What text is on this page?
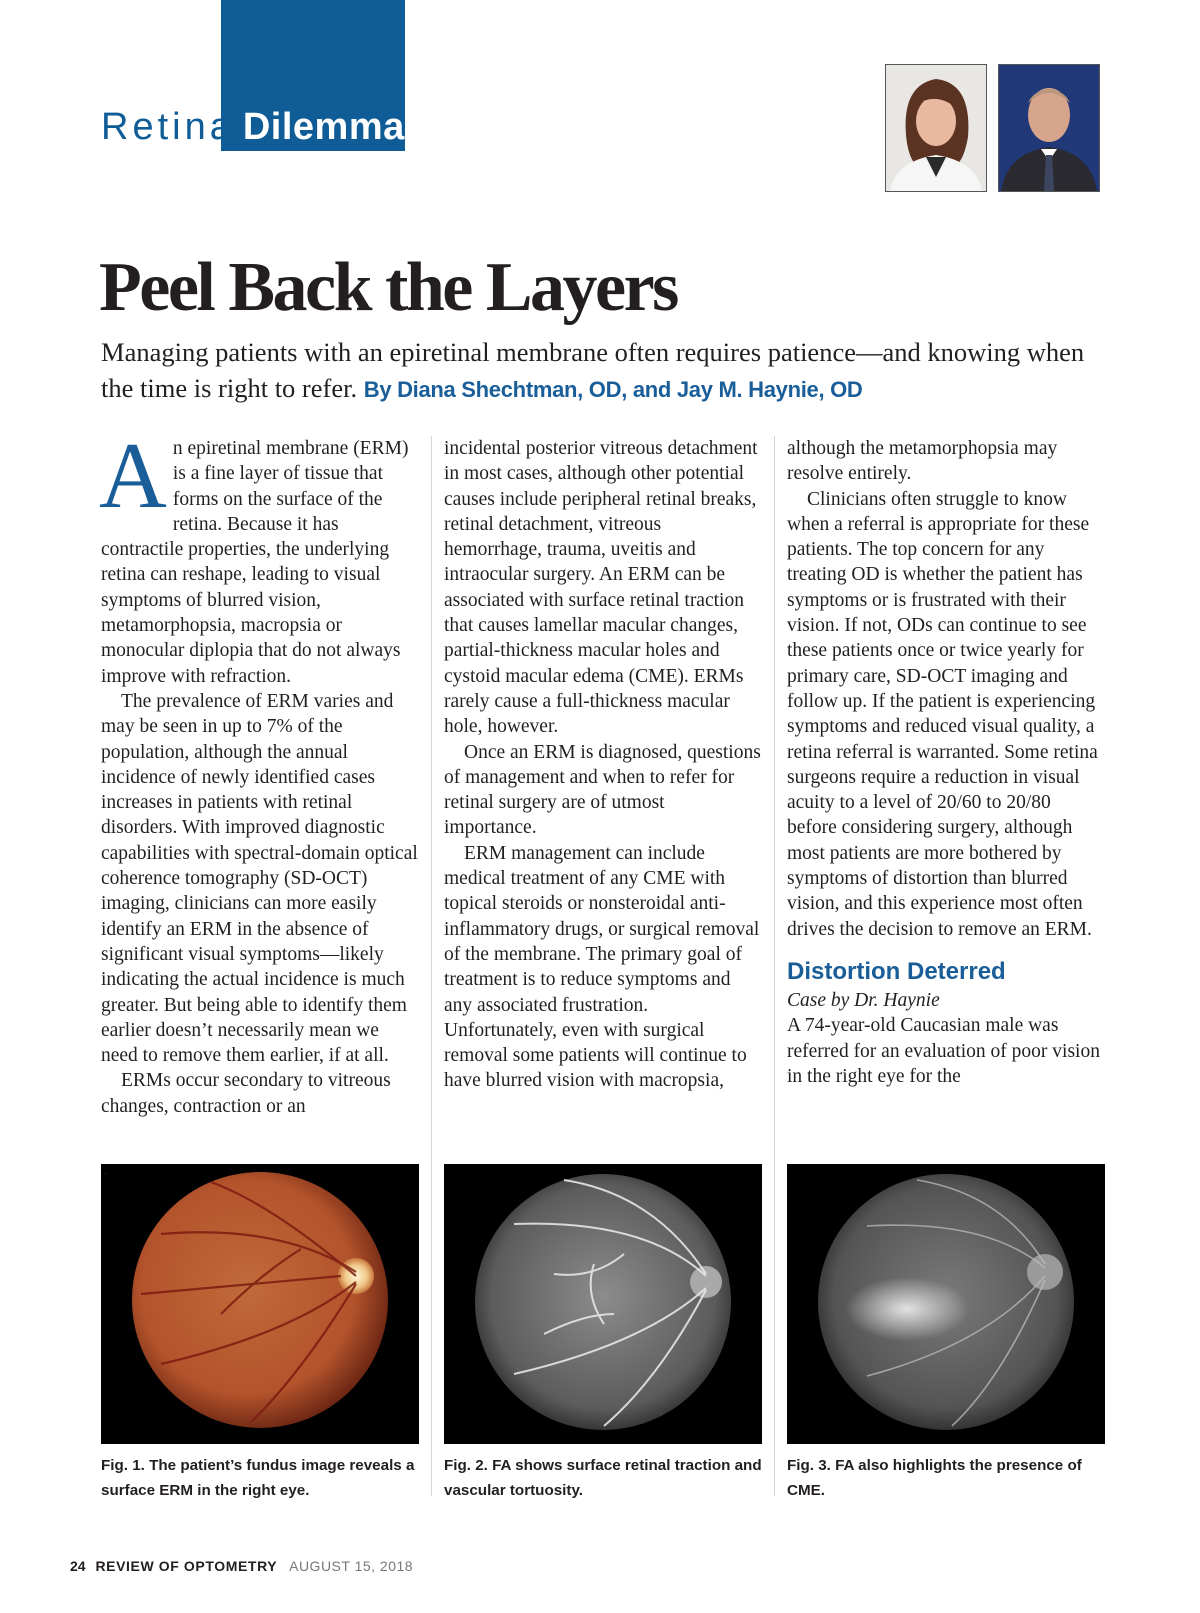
Retina Dilemmas
Peel Back the Layers
Managing patients with an epiretinal membrane often requires patience—and knowing when the time is right to refer. By Diana Shechtman, OD, and Jay M. Haynie, OD

An epiretinal membrane (ERM) is a fine layer of tissue that forms on the surface of the retina. Because it has contractile properties, the underlying retina can reshape, leading to visual symptoms of blurred vision, metamorphopsia, macropsia or monocular diplopia that do not always improve with refraction.

The prevalence of ERM varies and may be seen in up to 7% of the population, although the annual incidence of newly identified cases increases in patients with retinal disorders. With improved diagnostic capabilities with spectral-domain optical coherence tomography (SD-OCT) imaging, clinicians can more easily identify an ERM in the absence of significant visual symptoms—likely indicating the actual incidence is much greater. But being able to identify them earlier doesn’t necessarily mean we need to remove them earlier, if at all.

ERMs occur secondary to vitreous changes, contraction or an

incidental posterior vitreous detachment in most cases, although other potential causes include peripheral retinal breaks, retinal detachment, vitreous hemorrhage, trauma, uveitis and intraocular surgery. An ERM can be associated with surface retinal traction that causes lamellar macular changes, partial-thickness macular holes and cystoid macular edema (CME). ERMs rarely cause a full-thickness macular hole, however.

Once an ERM is diagnosed, questions of management and when to refer for retinal surgery are of utmost importance.

ERM management can include medical treatment of any CME with topical steroids or nonsteroidal anti-inflammatory drugs, or surgical removal of the membrane. The primary goal of treatment is to reduce symptoms and any associated frustration. Unfortunately, even with surgical removal some patients will continue to have blurred vision with macropsia,

although the metamorphopsia may resolve entirely.

Clinicians often struggle to know when a referral is appropriate for these patients. The top concern for any treating OD is whether the patient has symptoms or is frustrated with their vision. If not, ODs can continue to see these patients once or twice yearly for primary care, SD-OCT imaging and follow up. If the patient is experiencing symptoms and reduced visual quality, a retina referral is warranted. Some retina surgeons require a reduction in visual acuity to a level of 20/60 to 20/80 before considering surgery, although most patients are more bothered by symptoms of distortion than blurred vision, and this experience most often drives the decision to remove an ERM.

Distortion Deterred

Case by Dr. Haynie

A 74-year-old Caucasian male was referred for an evaluation of poor vision in the right eye for the

.
Fig. 1. The patient’s fundus image reveals a surface ERM in the right eye.
Fig. 2. FA shows surface retinal traction and vascular tortuosity.
Fig. 3. FA also highlights the presence of CME.
24 REVIEW OF OPTOMETRY AUGUST 15, 2018
